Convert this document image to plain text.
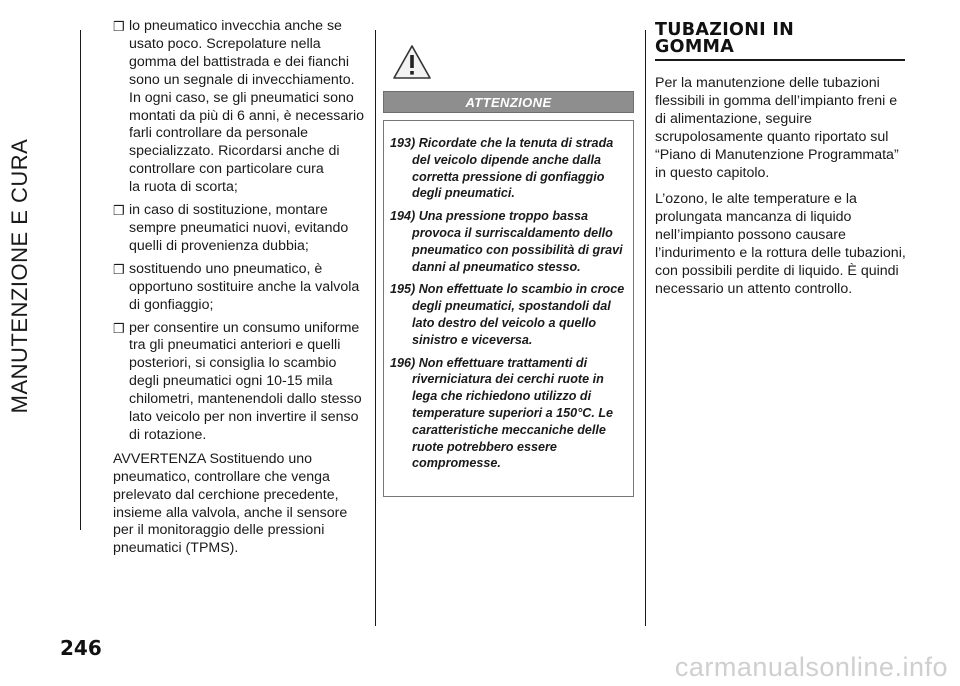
MANUTENZIONE E CURA
❒ lo pneumatico invecchia anche se
usato poco. Screpolature nella
gomma del battistrada e dei fianchi
sono un segnale di invecchiamento.
In ogni caso, se gli pneumatici sono
montati da più di 6 anni, è necessario
farli controllare da personale
specializzato. Ricordarsi anche di
controllare con particolare cura
la ruota di scorta;
❒ in caso di sostituzione, montare
sempre pneumatici nuovi, evitando
quelli di provenienza dubbia;
❒ sostituendo uno pneumatico, è
opportuno sostituire anche la valvola
di gonfiaggio;
❒ per consentire un consumo uniforme
tra gli pneumatici anteriori e quelli
posteriori, si consiglia lo scambio
degli pneumatici ogni 10-15 mila
chilometri, mantenendoli dallo stesso
lato veicolo per non invertire il senso
di rotazione.
AVVERTENZA Sostituendo uno
pneumatico, controllare che venga
prelevato dal cerchione precedente,
insieme alla valvola, anche il sensore
per il monitoraggio delle pressioni
pneumatici (TPMS).
ATTENZIONE
193) Ricordate che la tenuta di strada del veicolo dipende anche dalla corretta pressione di gonfiaggio degli pneumatici.
194) Una pressione troppo bassa provoca il surriscaldamento dello pneumatico con possibilità di gravi danni al pneumatico stesso.
195) Non effettuate lo scambio in croce degli pneumatici, spostandoli dal lato destro del veicolo a quello sinistro e viceversa.
196) Non effettuare trattamenti di riverniciatura dei cerchi ruote in lega che richiedono utilizzo di temperature superiori a 150°C. Le caratteristiche meccaniche delle ruote potrebbero essere compromesse.
TUBAZIONI IN
GOMMA
Per la manutenzione delle tubazioni
flessibili in gomma dell’impianto freni e
di alimentazione, seguire
scrupolosamente quanto riportato sul
“Piano di Manutenzione Programmata”
in questo capitolo.
L’ozono, le alte temperature e la
prolungata mancanza di liquido
nell’impianto possono causare
l’indurimento e la rottura delle tubazioni,
con possibili perdite di liquido. È quindi
necessario un attento controllo.
246
carmanualsonline.info
